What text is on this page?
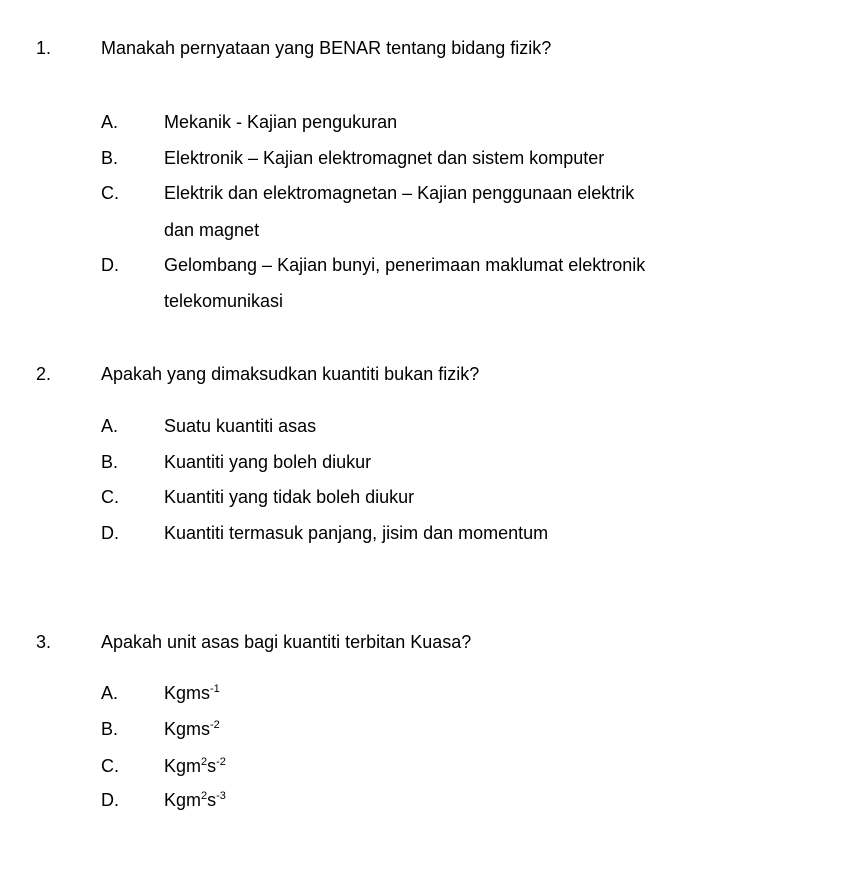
1.	Manakah pernyataan yang BENAR tentang bidang fizik?
A.	Mekanik - Kajian pengukuran
B.	Elektronik – Kajian elektromagnet dan sistem komputer
C.	Elektrik dan elektromagnetan – Kajian penggunaan elektrik
dan magnet
D.	Gelombang – Kajian bunyi, penerimaan maklumat elektronik
telekomunikasi
2.	Apakah yang dimaksudkan kuantiti bukan fizik?
A.	Suatu kuantiti asas
B.	Kuantiti yang boleh diukur
C.	Kuantiti yang tidak boleh diukur
D.	Kuantiti termasuk panjang, jisim dan momentum
3.	Apakah unit asas bagi kuantiti terbitan Kuasa?
A.	Kgms$^{-1}$
B.	Kgms$^{-2}$
C.	$Kgm^2s^{-2}$
D.	$Kgm^2s^{-3}$
